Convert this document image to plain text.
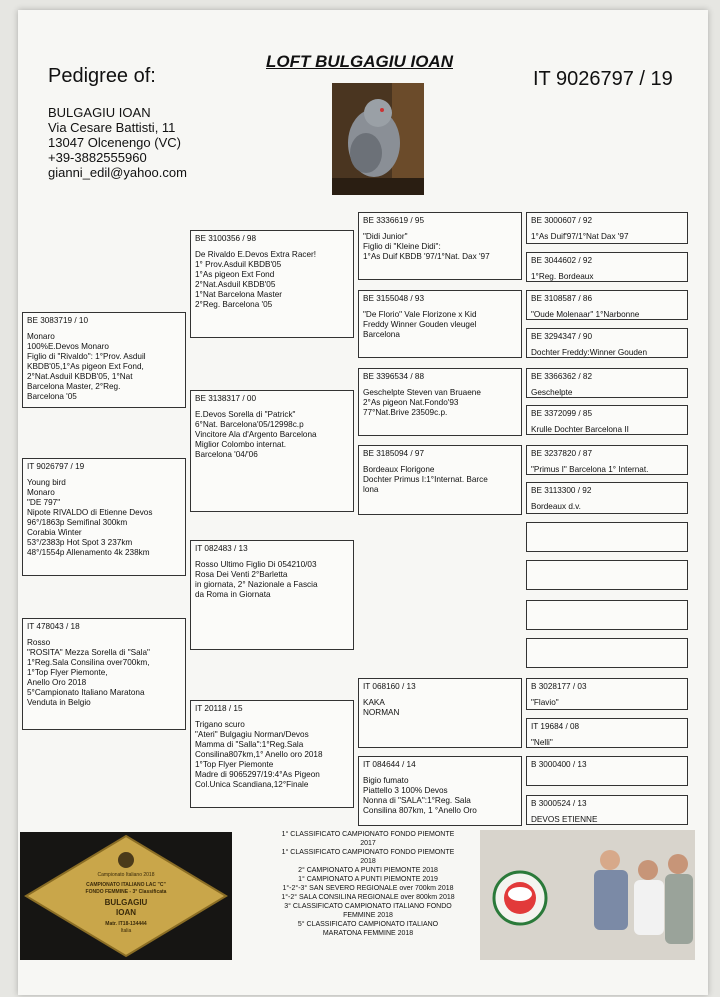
Pedigree of:
LOFT BULGAGIU IOAN
IT 9026797 / 19
BULGAGIU IOAN
Via Cesare Battisti, 11
13047 Olcenengo (VC)
+39-3882555960
gianni_edil@yahoo.com
BE 3100356 / 98
De Rivaldo E.Devos Extra Racer!
1° Prov.Asduil KBDB'05
1°As pigeon Ext Fond
2°Nat.Asduil KBDB'05
1°Nat Barcelona Master
2°Reg. Barcelona '05
BE 3138317 / 00
E.Devos Sorella di "Patrick"
6°Nat. Barcelona'05/12998c.p
Vincitore Ala d'Argento Barcelona
Miglior Colombo internat.
Barcelona '04/'06
IT 082483 / 13
Rosso Ultimo Figlio Di 054210/03
Rosa Dei Venti 2°Barletta
in giornata, 2° Nazionale a Fascia
da Roma in Giornata
IT 20118 / 15
Trigano scuro
"Ateri" Bulgagiu Norman/Devos
Mamma di "Salla":1°Reg.Sala
Consilina807km,1° Anello oro 2018
1°Top Flyer Piemonte
Madre di 9065297/19:4°As Pigeon
Col.Unica Scandiana,12°Finale
BE 3083719 / 10
Monaro
100%E.Devos Monaro
Figlio di "Rivaldo": 1°Prov. Asduil
KBDB'05,1°As pigeon Ext Fond,
2°Nat.Asduil KBDB'05, 1°Nat
Barcelona Master, 2°Reg.
Barcelona '05
IT 9026797 / 19
Young bird
Monaro
"DE 797"
Nipote RIVALDO di Etienne Devos
96°/1863p Semifinal 300km
Corabia Winter
53°/2383p Hot Spot 3 237km
48°/1554p Allenamento 4k 238km
IT 478043 / 18
Rosso
"ROSITA" Mezza Sorella di "Sala"
1°Reg.Sala Consilina over700km,
1°Top Flyer Piemonte,
Anello Oro 2018
5°Campionato Italiano Maratona
Venduta in Belgio
BE 3336619 / 95
"Didi Junior"
Figlio di "Kleine Didi":
1°As Duif KBDB '97/1°Nat. Dax '97
BE 3155048 / 93
"De Florio" Vale Florizone x Kid
Freddy Winner Gouden vleugel
Barcelona
BE 3396534 / 88
Geschelpte Steven van Bruaene
2°As pigeon Nat.Fondo'93
77°Nat.Brive 23509c.p.
BE 3185094 / 97
Bordeaux Florigone
Dochter Primus I:1°Internat. Barce
lona
IT 068160 / 13
KAKA
NORMAN
IT 084644 / 14
Bigio fumato
Piattello 3 100% Devos
Nonna di "SALA":1°Reg. Sala
Consilina 807km, 1 °Anello Oro
BE 3000607 / 92
1°As Duif'97/1°Nat Dax '97
BE 3044602 / 92
1°Reg. Bordeaux
BE 3108587 / 86
"Oude Molenaar" 1°Narbonne
BE 3294347 / 90
Dochter Freddy:Winner Gouden
BE 3366362 / 82
Geschelpte
BE 3372099 / 85
Krulle Dochter Barcelona II
BE 3237820 / 87
"Primus I" Barcelona 1° Internat.
BE 3113300 / 92
Bordeaux d.v.
B 3028177 / 03
"Flavio"
IT 19684 / 08
"Nelli"
B 3000400 / 13
B 3000524 / 13
DEVOS ETIENNE
Campionato Italiano 2018
CAMPIONATO ITALIANO LAC "C"
FONDO FEMMINE - 3° Classificata
BULGAGIU
IOAN
Matr. IT18-134444
Italia
1° CLASSIFICATO CAMPIONATO FONDO PIEMONTE
2017
1° CLASSIFICATO CAMPIONATO FONDO PIEMONTE
2018
2° CAMPIONATO A PUNTI PIEMONTE 2018
1° CAMPIONATO A PUNTI PIEMONTE 2019
1°-2°-3° SAN SEVERO REGIONALE over 700km 2018
1°-2° SALA CONSILINA REGIONALE over 800km 2018
3° CLASSIFICATO CAMPIONATO ITALIANO FONDO
FEMMINE 2018
5° CLASSIFICATO CAMPIONATO ITALIANO
MARATONA FEMMINE 2018
